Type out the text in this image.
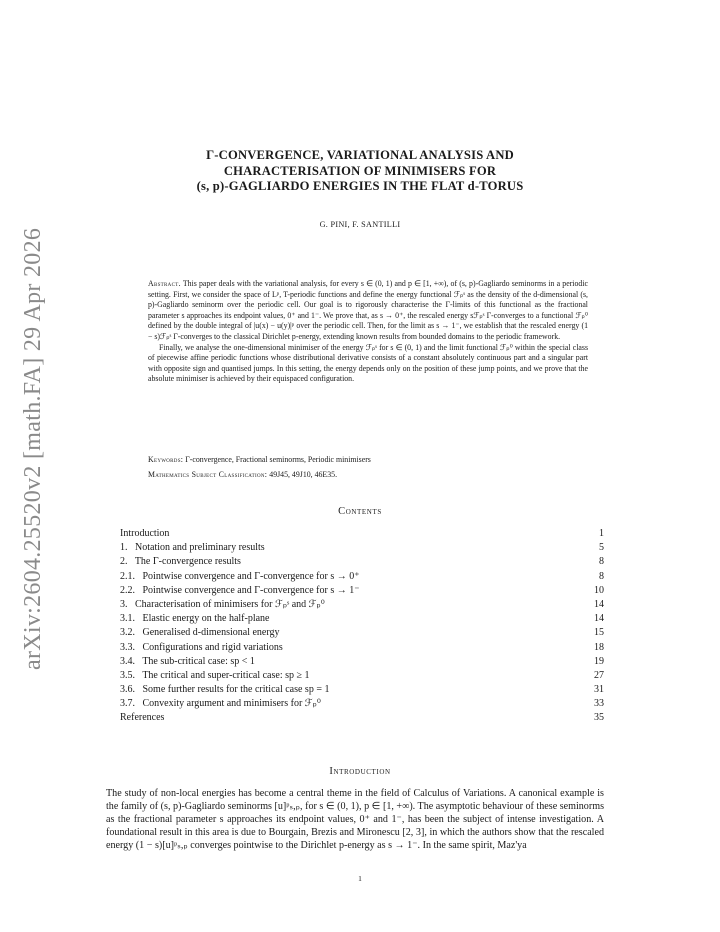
arXiv:2604.25520v2 [math.FA] 29 Apr 2026
Γ-CONVERGENCE, VARIATIONAL ANALYSIS AND
CHARACTERISATION OF MINIMISERS FOR
(s, p)-GAGLIARDO ENERGIES IN THE FLAT d-TORUS
G. PINI, F. SANTILLI

Abstract. This paper deals with the variational analysis, for every s ∈ (0, 1) and p ∈ [1, +∞), of (s, p)-Gagliardo seminorms in a periodic setting. First, we consider the space of Lᵖ, T-periodic functions and define the energy functional ℱₚˢ as the density of the d-dimensional (s, p)-Gagliardo seminorm over the periodic cell. Our goal is to rigorously characterise the Γ-limits of this functional as the fractional parameter s approaches its endpoint values, 0⁺ and 1⁻. We prove that, as s → 0⁺, the rescaled energy sℱₚˢ Γ-converges to a functional ℱₚ⁰ defined by the double integral of |u(x) − u(y)|ᵖ over the periodic cell. Then, for the limit as s → 1⁻, we establish that the rescaled energy (1 − s)ℱₚˢ Γ-converges to the classical Dirichlet p-energy, extending known results from bounded domains to the periodic framework.

Finally, we analyse the one-dimensional minimiser of the energy ℱₚˢ for s ∈ (0, 1) and the limit functional ℱₚ⁰ within the special class of piecewise affine periodic functions whose distributional derivative consists of a constant absolutely continuous part and a singular part with opposite sign and quantised jumps. In this setting, the energy depends only on the position of these jump points, and we prove that the absolute minimiser is achieved by their equispaced configuration.

Keywords: Γ-convergence, Fractional seminorms, Periodic minimisers
Mathematics Subject Classification: 49J45, 49J10, 46E35.
Contents
Introduction	1
1. Notation and preliminary results	5
2. The Γ-convergence results	8
2.1. Pointwise convergence and Γ-convergence for s → 0⁺	8
2.2. Pointwise convergence and Γ-convergence for s → 1⁻	10
3. Characterisation of minimisers for ℱₚˢ and ℱₚ⁰	14
3.1. Elastic energy on the half-plane	14
3.2. Generalised d-dimensional energy	15
3.3. Configurations and rigid variations	18
3.4. The sub-critical case: sp < 1	19
3.5. The critical and super-critical case: sp ≥ 1	27
3.6. Some further results for the critical case sp = 1	31
3.7. Convexity argument and minimisers for ℱₚ⁰	33
References	35
Introduction

The study of non-local energies has become a central theme in the field of Calculus of Variations. A canonical example is the family of (s, p)-Gagliardo seminorms [u]ᵖₛ,ₚ, for s ∈ (0, 1), p ∈ [1, +∞). The asymptotic behaviour of these seminorms as the fractional parameter s approaches its endpoint values, 0⁺ and 1⁻, has been the subject of intense investigation. A foundational result in this area is due to Bourgain, Brezis and Mironescu [2, 3], in which the authors show that the rescaled energy (1 − s)[u]ᵖₛ,ₚ converges pointwise to the Dirichlet p-energy as s → 1⁻. In the same spirit, Maz'ya

1
